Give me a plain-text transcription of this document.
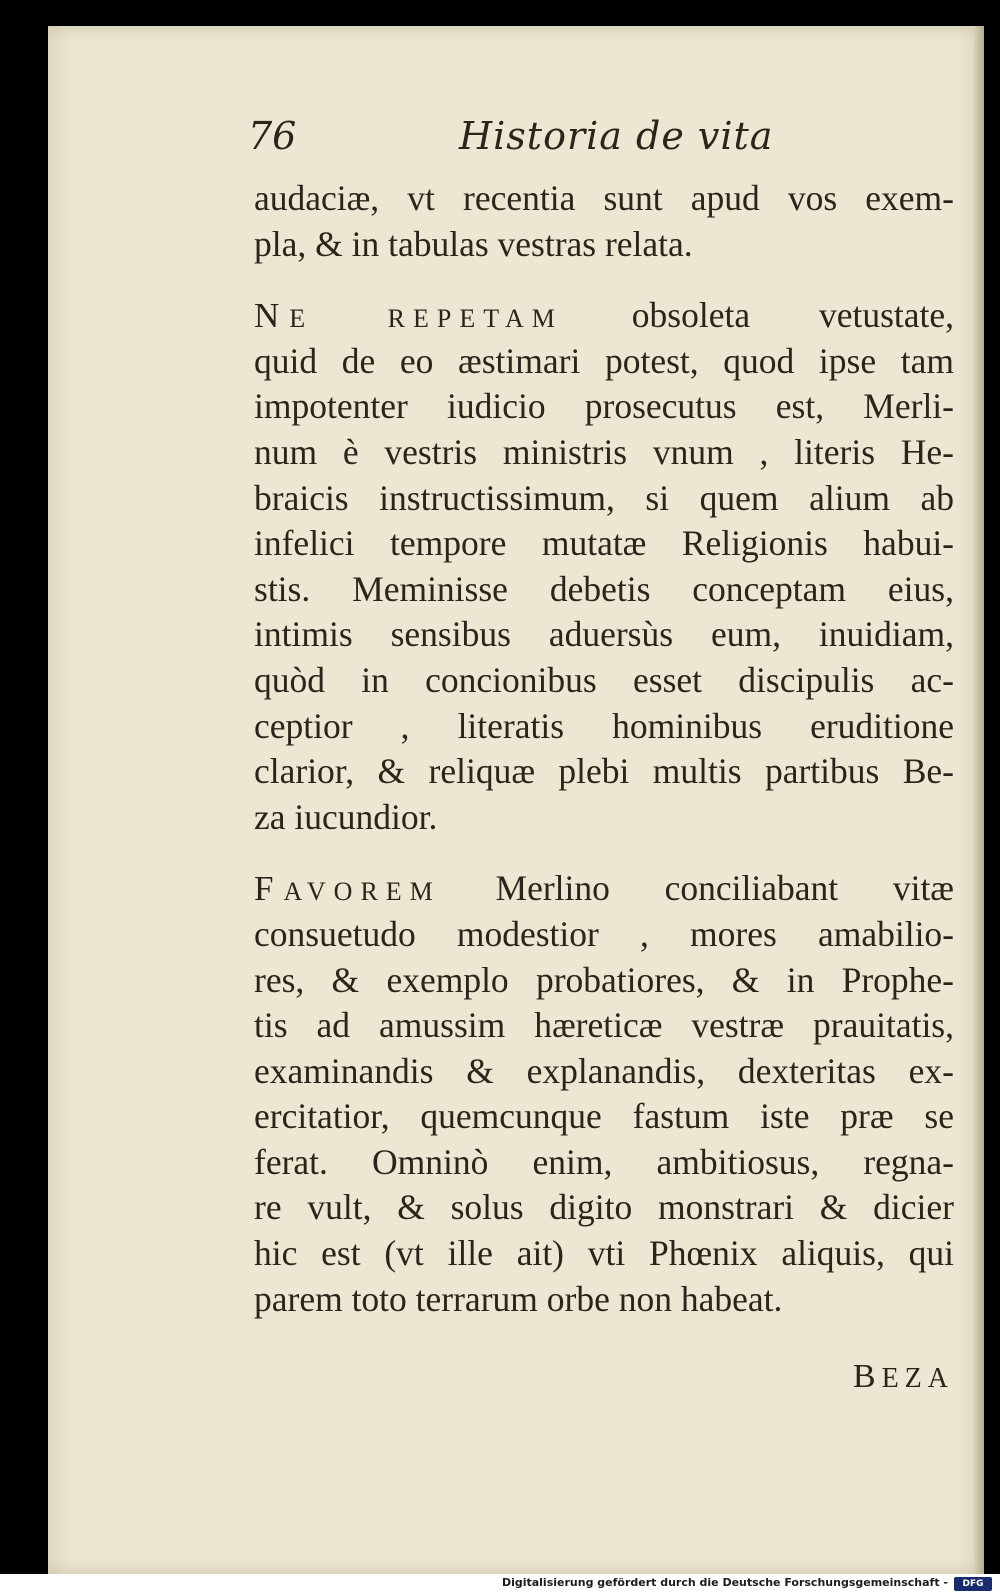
76	Historia de vita
audaciæ, vt recentia sunt apud vos exem-
pla, & in tabulas vestras relata.
NE REPETAM obsoleta vetustate,
quid de eo æstimari potest, quod ipse tam
impotenter iudicio prosecutus est, Merli-
num è vestris ministris vnum , literis He-
braicis instructissimum, si quem alium ab
infelici tempore mutatæ Religionis habui-
stis. Meminisse debetis conceptam eius,
intimis sensibus aduersùs eum, inuidiam,
quòd in concionibus esset discipulis ac-
ceptior , literatis hominibus eruditione
clarior, & reliquæ plebi multis partibus Be-
za iucundior.
FAVOREM Merlino conciliabant vitæ
consuetudo modestior , mores amabilio-
res, & exemplo probatiores, & in Prophe-
tis ad amussim hæreticæ vestræ prauitatis,
examinandis & explanandis, dexteritas ex-
ercitatior, quemcunque fastum iste præ se
ferat. Omninò enim, ambitiosus, regna-
re vult, & solus digito monstrari & dicier
hic est (vt ille ait) vti Phœnix aliquis, qui
parem toto terrarum orbe non habeat.
BEZA
Digitalisierung gefördert durch die Deutsche Forschungsgemeinschaft -	DFG
